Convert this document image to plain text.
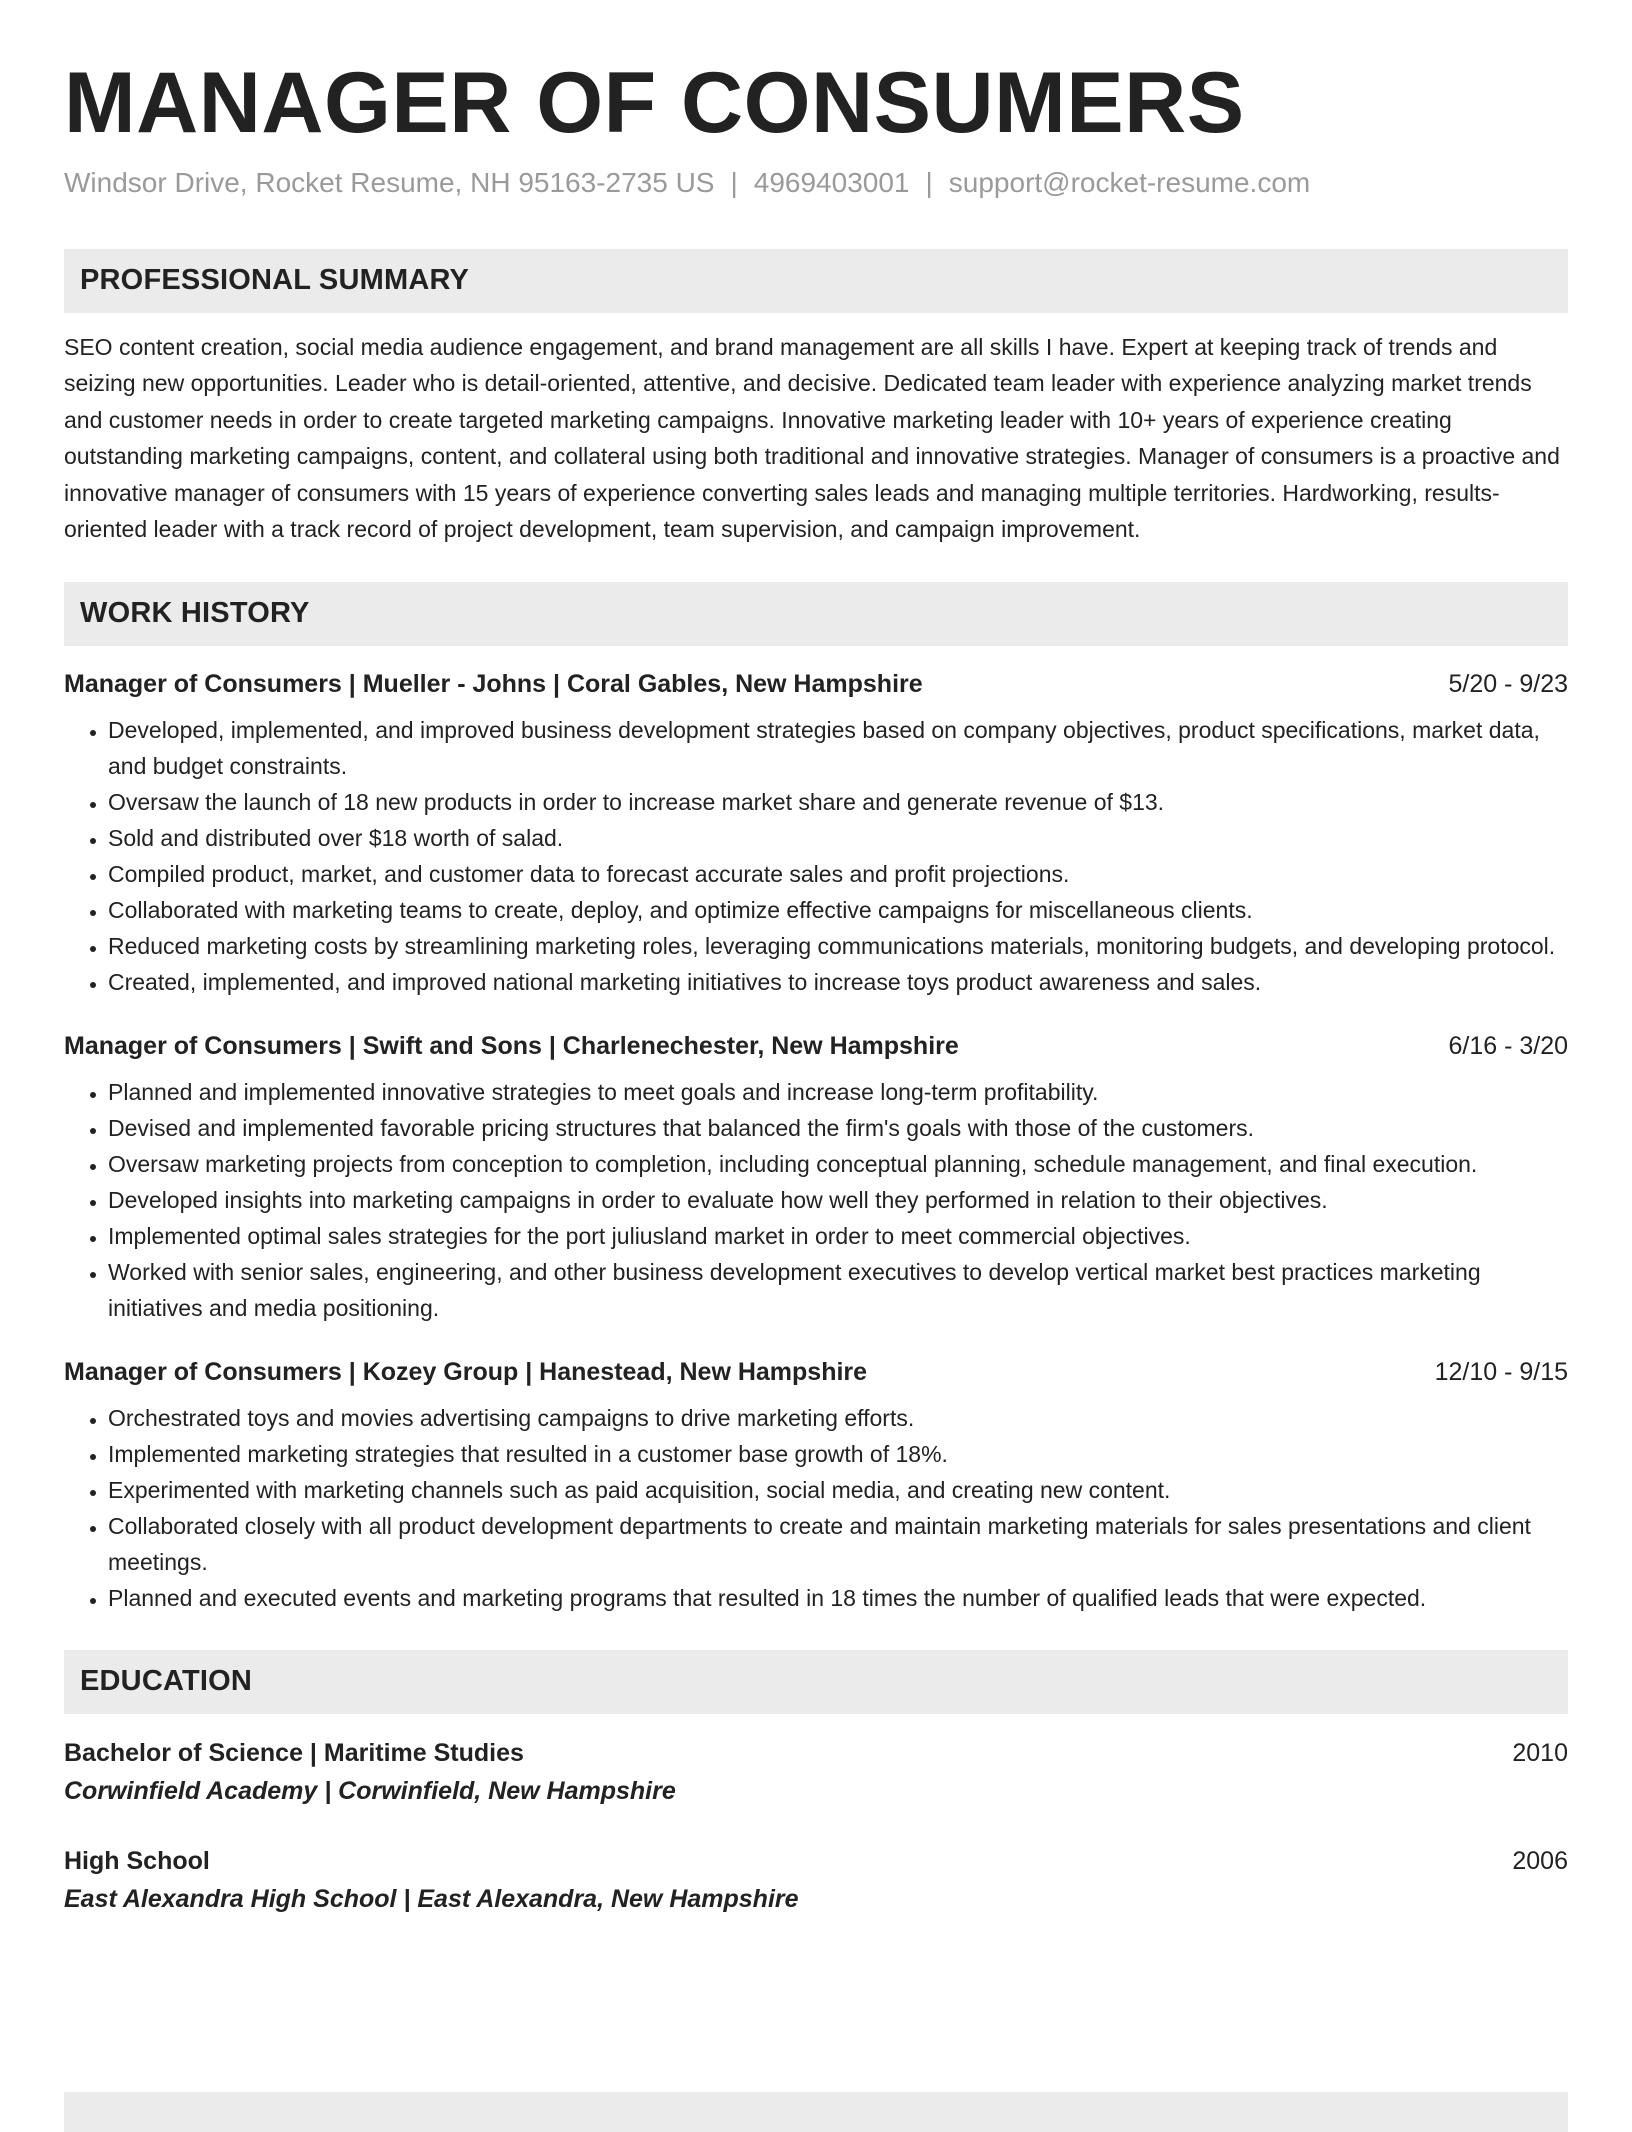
MANAGER OF CONSUMERS
Windsor Drive, Rocket Resume, NH 95163-2735 US | 4969403001 | support@rocket-resume.com
PROFESSIONAL SUMMARY

SEO content creation, social media audience engagement, and brand management are all skills I have. Expert at keeping track of trends and seizing new opportunities. Leader who is detail-oriented, attentive, and decisive. Dedicated team leader with experience analyzing market trends and customer needs in order to create targeted marketing campaigns. Innovative marketing leader with 10+ years of experience creating outstanding marketing campaigns, content, and collateral using both traditional and innovative strategies. Manager of consumers is a proactive and innovative manager of consumers with 15 years of experience converting sales leads and managing multiple territories. Hardworking, results-oriented leader with a track record of project development, team supervision, and campaign improvement.

WORK HISTORY
Manager of Consumers | Mueller - Johns | Coral Gables, New Hampshire	5/20 - 9/23
• Developed, implemented, and improved business development strategies based on company objectives, product specifications, market data, and budget constraints.
• Oversaw the launch of 18 new products in order to increase market share and generate revenue of $13.
• Sold and distributed over $18 worth of salad.
• Compiled product, market, and customer data to forecast accurate sales and profit projections.
• Collaborated with marketing teams to create, deploy, and optimize effective campaigns for miscellaneous clients.
• Reduced marketing costs by streamlining marketing roles, leveraging communications materials, monitoring budgets, and developing protocol.
• Created, implemented, and improved national marketing initiatives to increase toys product awareness and sales.
Manager of Consumers | Swift and Sons | Charlenechester, New Hampshire	6/16 - 3/20
• Planned and implemented innovative strategies to meet goals and increase long-term profitability.
• Devised and implemented favorable pricing structures that balanced the firm's goals with those of the customers.
• Oversaw marketing projects from conception to completion, including conceptual planning, schedule management, and final execution.
• Developed insights into marketing campaigns in order to evaluate how well they performed in relation to their objectives.
• Implemented optimal sales strategies for the port juliusland market in order to meet commercial objectives.
• Worked with senior sales, engineering, and other business development executives to develop vertical market best practices marketing initiatives and media positioning.
Manager of Consumers | Kozey Group | Hanestead, New Hampshire	12/10 - 9/15
• Orchestrated toys and movies advertising campaigns to drive marketing efforts.
• Implemented marketing strategies that resulted in a customer base growth of 18%.
• Experimented with marketing channels such as paid acquisition, social media, and creating new content.
• Collaborated closely with all product development departments to create and maintain marketing materials for sales presentations and client meetings.
• Planned and executed events and marketing programs that resulted in 18 times the number of qualified leads that were expected.
EDUCATION
Bachelor of Science | Maritime Studies	2010
Corwinfield Academy | Corwinfield, New Hampshire
High School	2006
East Alexandra High School | East Alexandra, New Hampshire
